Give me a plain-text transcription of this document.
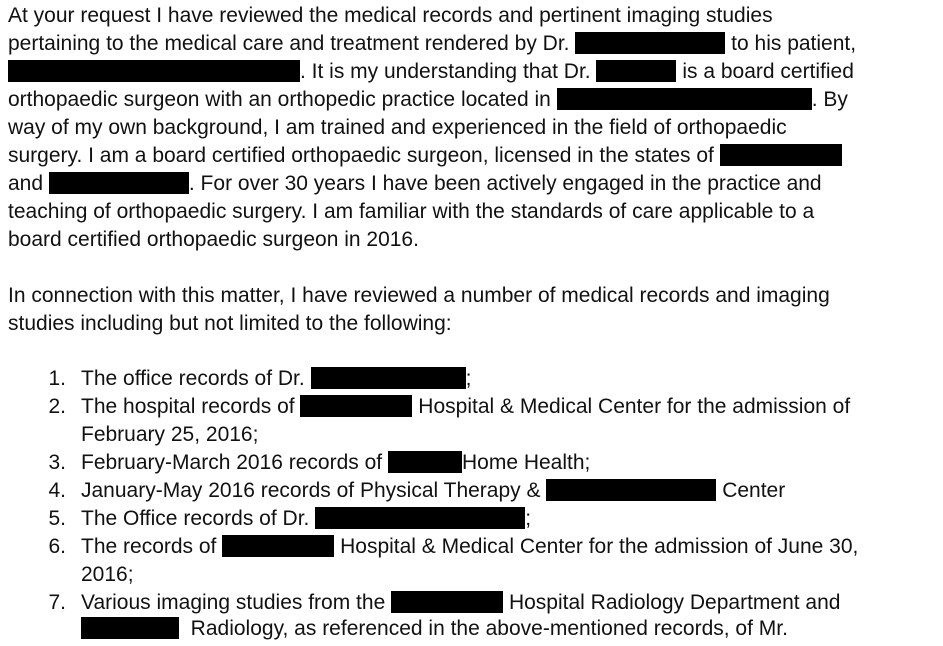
At your request I have reviewed the medical records and pertinent imaging studies
pertaining to the medical care and treatment rendered by Dr.	to his patient,
. It is my understanding that Dr.	is a board certified
orthopaedic surgeon with an orthopedic practice located in	. By
way of my own background, I am trained and experienced in the field of orthopaedic
surgery. I am a board certified orthopaedic surgeon, licensed in the states of
and	. For over 30 years I have been actively engaged in the practice and
teaching of orthopaedic surgery. I am familiar with the standards of care applicable to a
board certified orthopaedic surgeon in 2016.
In connection with this matter, I have reviewed a number of medical records and imaging
studies including but not limited to the following:
1. The office records of Dr.	;
2. The hospital records of	Hospital & Medical Center for the admission of
February 25, 2016;
3. February-March 2016 records of	Home Health;
4. January-May 2016 records of Physical Therapy &	Center
5. The Office records of Dr.	;
6. The records of	Hospital & Medical Center for the admission of June 30,
2016;
7. Various imaging studies from the	Hospital Radiology Department and
Radiology, as referenced in the above-mentioned records, of Mr.
